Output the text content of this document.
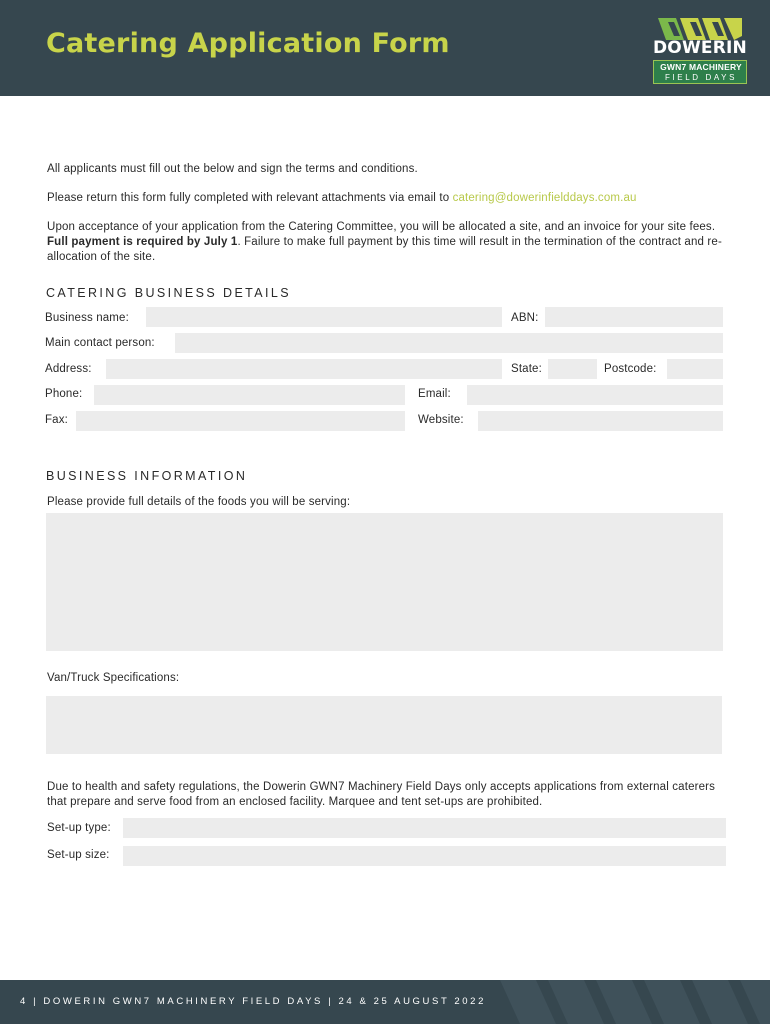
Catering Application Form	DOWERIN
GWN7 MACHINERY
FIELD DAYS
All applicants must fill out the below and sign the terms and conditions.
Please return this form fully completed with relevant attachments via email to catering@dowerinfielddays.com.au
Upon acceptance of your application from the Catering Committee, you will be allocated a site, and an invoice for your site fees. Full payment is required by July 1. Failure to make full payment by this time will result in the termination of the contract and re-allocation of the site.
CATERING BUSINESS DETAILS
Business name:	ABN:
Main contact person:
Address:	State:	Postcode:
Phone:	Email:
Fax:	Website:
BUSINESS INFORMATION
Please provide full details of the foods you will be serving:
Van/Truck Specifications:
Due to health and safety regulations, the Dowerin GWN7 Machinery Field Days only accepts applications from external caterers that prepare and serve food from an enclosed facility. Marquee and tent set-ups are prohibited.
Set-up type:
Set-up size:
4 | DOWERIN GWN7 MACHINERY FIELD DAYS | 24 & 25 AUGUST 2022
